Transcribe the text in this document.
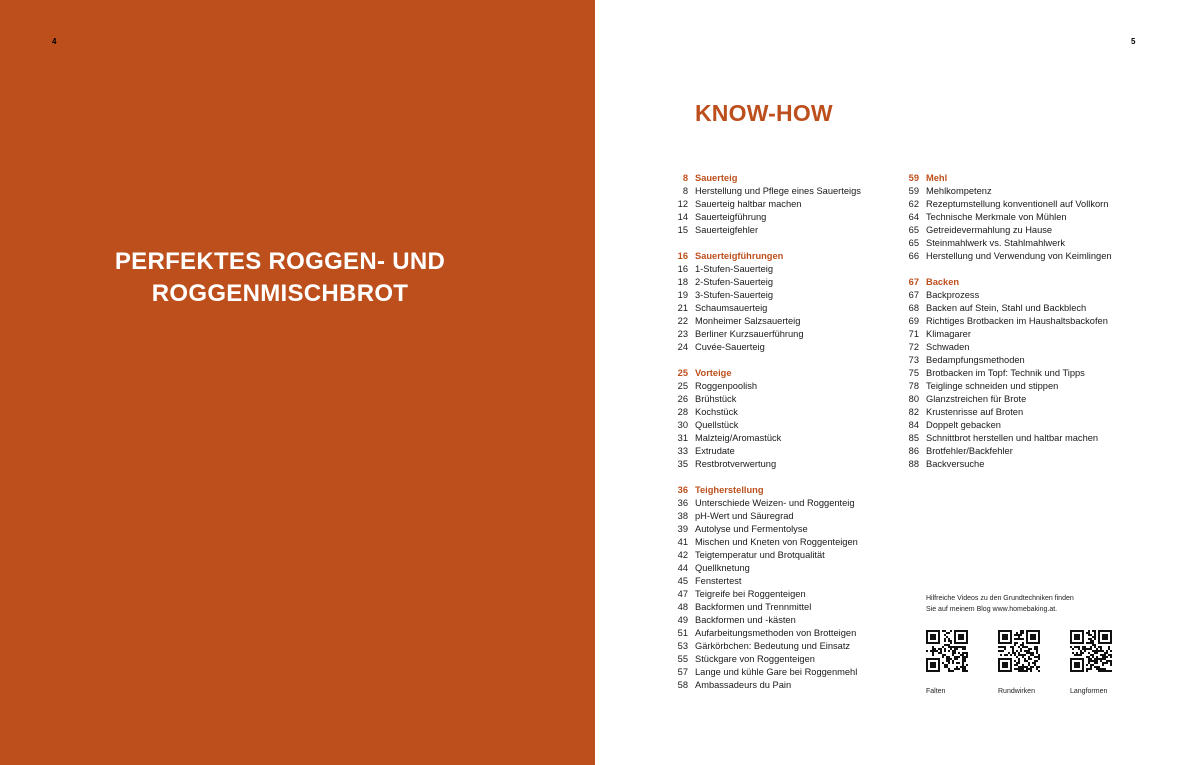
4
PERFEKTES ROGGEN- UND
ROGGENMISCHBROT
5
KNOW-HOW
8 Sauerteig
8 Herstellung und Pflege eines Sauerteigs
12 Sauerteig haltbar machen
14 Sauerteigführung
15 Sauerteigfehler
16 Sauerteigführungen
16 1-Stufen-Sauerteig
18 2-Stufen-Sauerteig
19 3-Stufen-Sauerteig
21 Schaumsauerteig
22 Monheimer Salzsauerteig
23 Berliner Kurzsauerführung
24 Cuvée-Sauerteig
25 Vorteige
25 Roggenpoolish
26 Brühstück
28 Kochstück
30 Quellstück
31 Malzteig/Aromastück
33 Extrudate
35 Restbrotverwertung
36 Teigherstellung
36 Unterschiede Weizen- und Roggenteig
38 pH-Wert und Säuregrad
39 Autolyse und Fermentolyse
41 Mischen und Kneten von Roggenteigen
42 Teigtemperatur und Brotqualität
44 Quellknetung
45 Fenstertest
47 Teigreife bei Roggenteigen
48 Backformen und Trennmittel
49 Backformen und -kästen
51 Aufarbeitungsmethoden von Brotteigen
53 Gärkörbchen: Bedeutung und Einsatz
55 Stückgare von Roggenteigen
57 Lange und kühle Gare bei Roggenmehl
58 Ambassadeurs du Pain
59 Mehl
59 Mehlkompetenz
62 Rezeptumstellung konventionell auf Vollkorn
64 Technische Merkmale von Mühlen
65 Getreidevermahlung zu Hause
65 Steinmahlwerk vs. Stahlmahlwerk
66 Herstellung und Verwendung von Keimlingen
67 Backen
67 Backprozess
68 Backen auf Stein, Stahl und Backblech
69 Richtiges Brotbacken im Haushaltsbackofen
71 Klimagarer
72 Schwaden
73 Bedampfungsmethoden
75 Brotbacken im Topf: Technik und Tipps
78 Teiglinge schneiden und stippen
80 Glanzstreichen für Brote
82 Krustenrisse auf Broten
84 Doppelt gebacken
85 Schnittbrot herstellen und haltbar machen
86 Brotfehler/Backfehler
88 Backversuche
Hilfreiche Videos zu den Grundtechniken finden
Sie auf meinem Blog www.homebaking.at.
Falten	Rundwirken	Langformen
